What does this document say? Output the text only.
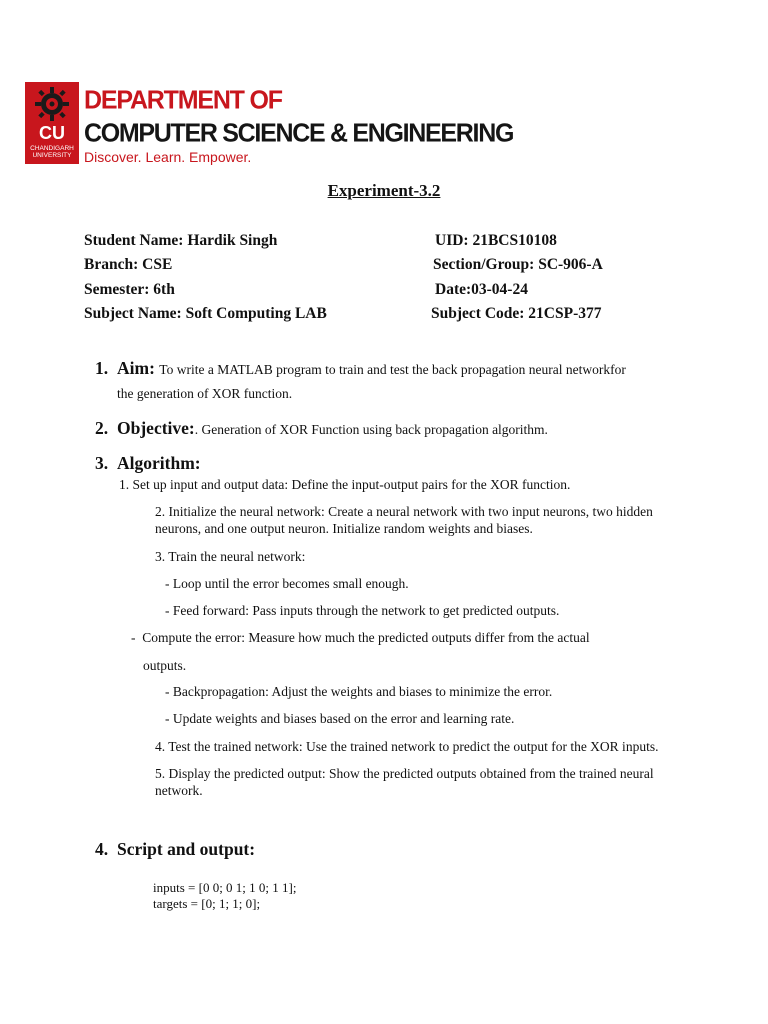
CU
CHANDIGARH UNIVERSITY
DEPARTMENT OF
COMPUTER SCIENCE & ENGINEERING
Discover. Learn. Empower.
Experiment-3.2
Student Name: Hardik Singh	UID: 21BCS10108
Branch: CSE	Section/Group: SC-906-A
Semester: 6th	Date:03-04-24
Subject Name: Soft Computing LAB	Subject Code: 21CSP-377
1. Aim: To write a MATLAB program to train and test the back propagation neural networkfor
the generation of XOR function.
2. Objective:. Generation of XOR Function using back propagation algorithm.
3. Algorithm:
1. Set up input and output data: Define the input-output pairs for the XOR function.
2. Initialize the neural network: Create a neural network with two input neurons, two hidden
neurons, and one output neuron. Initialize random weights and biases.
3. Train the neural network:
- Loop until the error becomes small enough.
- Feed forward: Pass inputs through the network to get predicted outputs.
-  Compute the error: Measure how much the predicted outputs differ from the actual
outputs.
- Backpropagation: Adjust the weights and biases to minimize the error.
- Update weights and biases based on the error and learning rate.
4. Test the trained network: Use the trained network to predict the output for the XOR inputs.
5. Display the predicted output: Show the predicted outputs obtained from the trained neural
network.
4. Script and output:
inputs = [0 0; 0 1; 1 0; 1 1];
targets = [0; 1; 1; 0];
